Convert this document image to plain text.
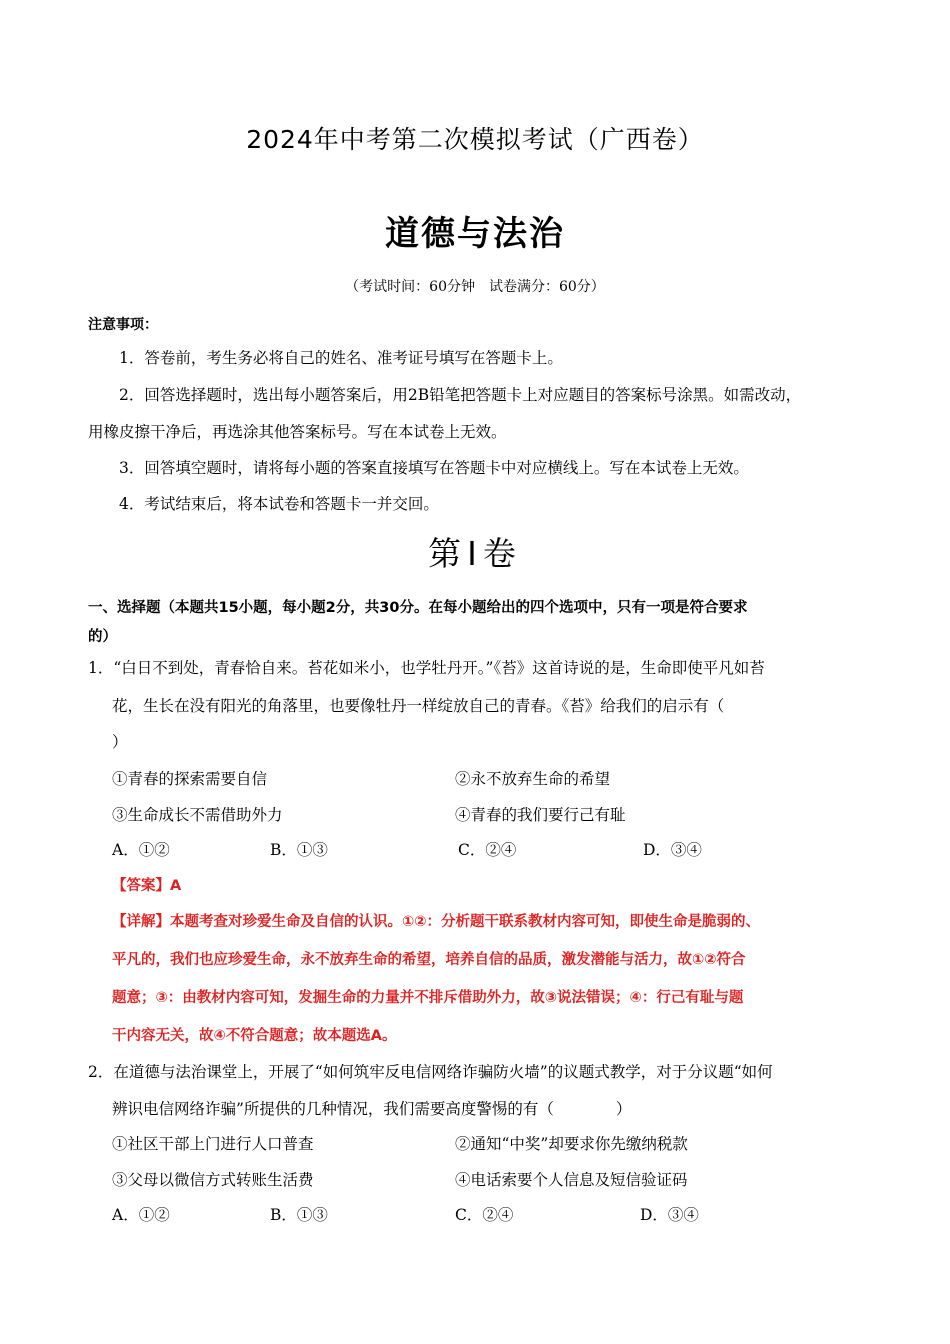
2024年中考第二次模拟考试（广西卷）
道德与法治
（考试时间：60分钟　试卷满分：60分）
注意事项：
1．答卷前，考生务必将自己的姓名、准考证号填写在答题卡上。
2．回答选择题时，选出每小题答案后，用2B铅笔把答题卡上对应题目的答案标号涂黑。如需改动，
用橡皮擦干净后，再选涂其他答案标号。写在本试卷上无效。
3．回答填空题时，请将每小题的答案直接填写在答题卡中对应横线上。写在本试卷上无效。
4．考试结束后，将本试卷和答题卡一并交回。
第Ⅰ卷
一、选择题（本题共15小题，每小题2分，共30分。在每小题给出的四个选项中，只有一项是符合要求
的）
1．“白日不到处，青春恰自来。苔花如米小，也学牡丹开。”《苔》这首诗说的是，生命即使平凡如苔
花，生长在没有阳光的角落里，也要像牡丹一样绽放自己的青春。《苔》给我们的启示有（
）
①青春的探索需要自信	②永不放弃生命的希望
③生命成长不需借助外力	④青春的我们要行己有耻
A．①②	B．①③	C．②④	D．③④
【答案】A
【详解】本题考查对珍爱生命及自信的认识。①②：分析题干联系教材内容可知，即使生命是脆弱的、
平凡的，我们也应珍爱生命，永不放弃生命的希望，培养自信的品质，激发潜能与活力，故①②符合
题意；③：由教材内容可知，发掘生命的力量并不排斥借助外力，故③说法错误；④：行己有耻与题
干内容无关，故④不符合题意；故本题选A。
2．在道德与法治课堂上，开展了“如何筑牢反电信网络诈骗防火墙”的议题式教学，对于分议题“如何
辨识电信网络诈骗”所提供的几种情况，我们需要高度警惕的有（　　　　）
①社区干部上门进行人口普查	②通知“中奖”却要求你先缴纳税款
③父母以微信方式转账生活费	④电话索要个人信息及短信验证码
A．①②	B．①③	C．②④	D．③④
